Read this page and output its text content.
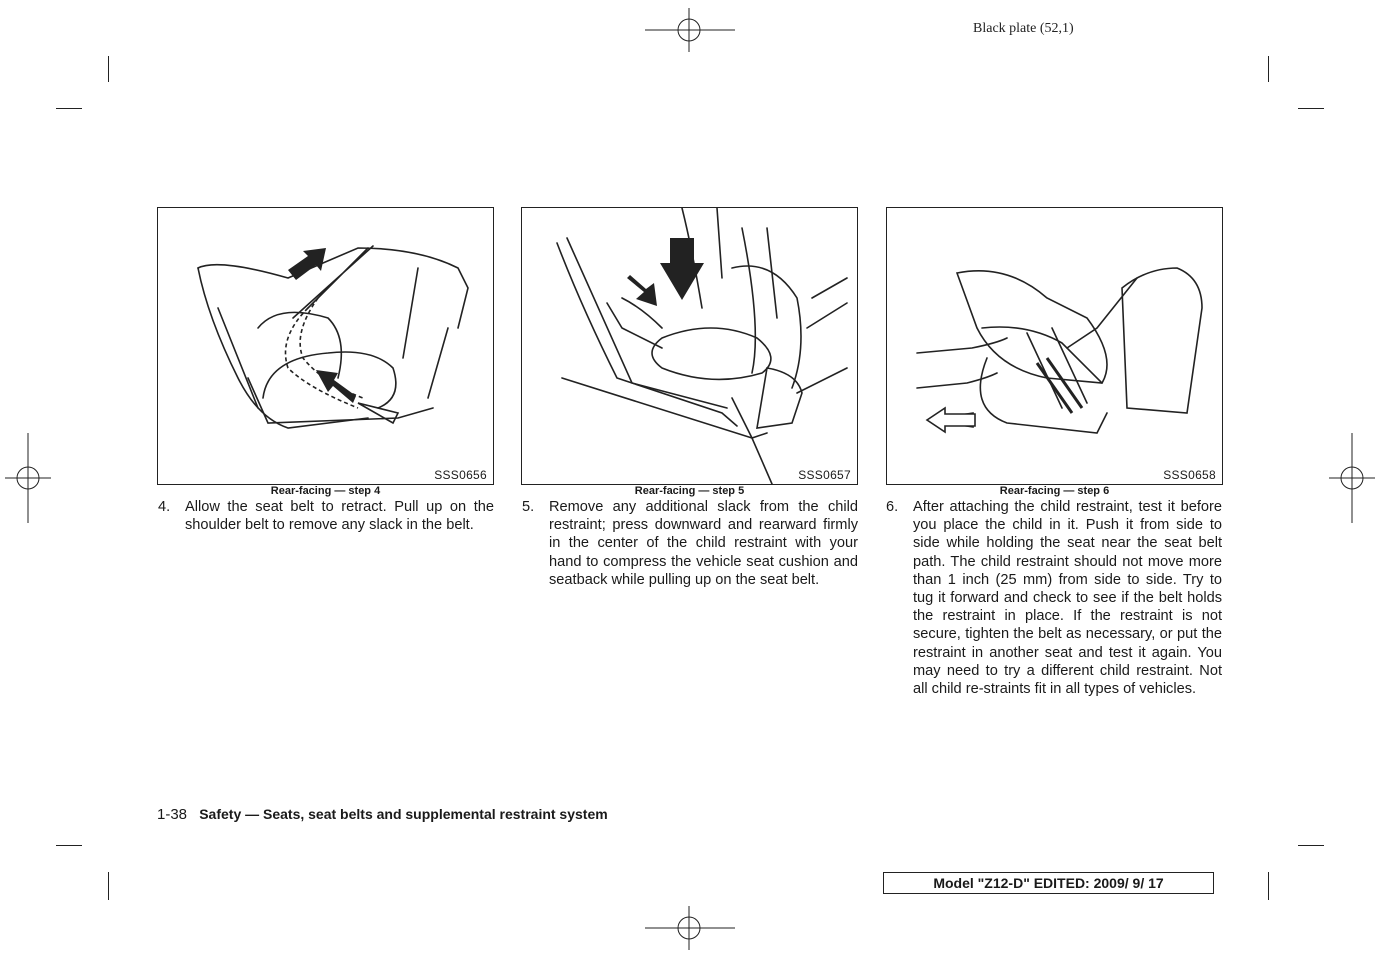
Black plate (52,1)
SSS0656
Rear-facing — step 4
SSS0657
Rear-facing — step 5
SSS0658
Rear-facing — step 6
4. Allow the seat belt to retract. Pull up on the shoulder belt to remove any slack in the belt.
5. Remove any additional slack from the child restraint; press downward and rearward firmly in the center of the child restraint with your hand to compress the vehicle seat cushion and seatback while pulling up on the seat belt.
6. After attaching the child restraint, test it before you place the child in it. Push it from side to side while holding the seat near the seat belt path. The child restraint should not move more than 1 inch (25 mm) from side to side. Try to tug it forward and check to see if the belt holds the restraint in place. If the restraint is not secure, tighten the belt as necessary, or put the restraint in another seat and test it again. You may need to try a different child restraint. Not all child re-straints fit in all types of vehicles.
1-38 Safety — Seats, seat belts and supplemental restraint system
Model "Z12-D" EDITED: 2009/ 9/ 17
